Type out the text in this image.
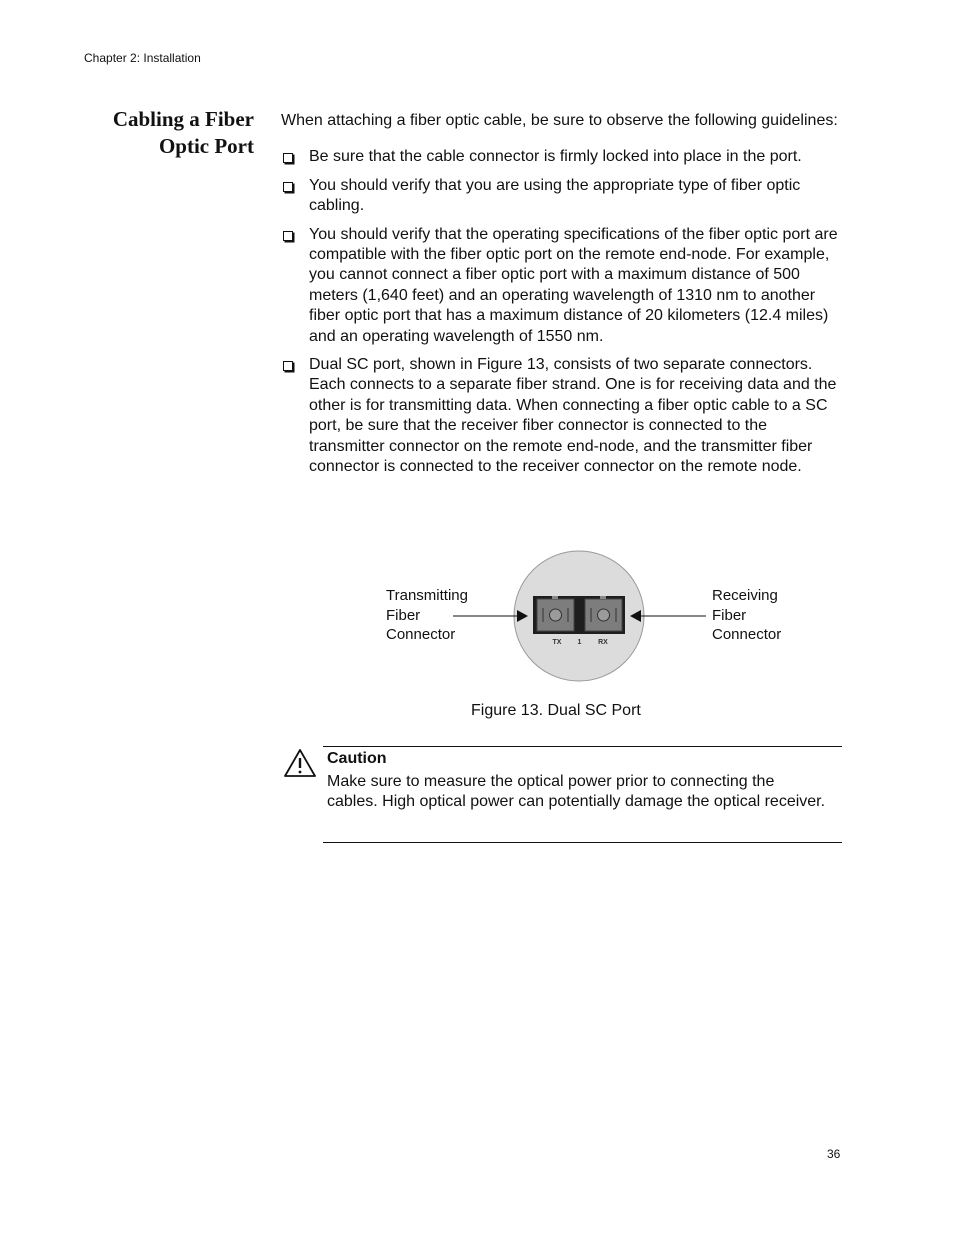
Chapter 2: Installation
Cabling a Fiber
Optic Port

When attaching a fiber optic cable, be sure to observe the following guidelines:

Be sure that the cable connector is firmly locked into place in the port.
You should verify that you are using the appropriate type of fiber optic cabling.
You should verify that the operating specifications of the fiber optic port are compatible with the fiber optic port on the remote end-node. For example, you cannot connect a fiber optic port with a maximum distance of 500 meters (1,640 feet) and an operating wavelength of 1310 nm to another fiber optic port that has a maximum distance of 20 kilometers (12.4 miles) and an operating wavelength of 1550 nm.
Dual SC port, shown in Figure 13, consists of two separate connectors. Each connects to a separate fiber strand. One is for receiving data and the other is for transmitting data. When connecting a fiber optic cable to a SC port, be sure that the receiver fiber connector is connected to the transmitter connector on the remote end-node, and the transmitter fiber connector is connected to the receiver connector on the remote node.
Transmitting
Fiber
Connector
Receiving
Fiber
Connector
TX 1 RX
Figure 13. Dual SC Port
Caution
Make sure to measure the optical power prior to connecting the cables. High optical power can potentially damage the optical receiver.
36
